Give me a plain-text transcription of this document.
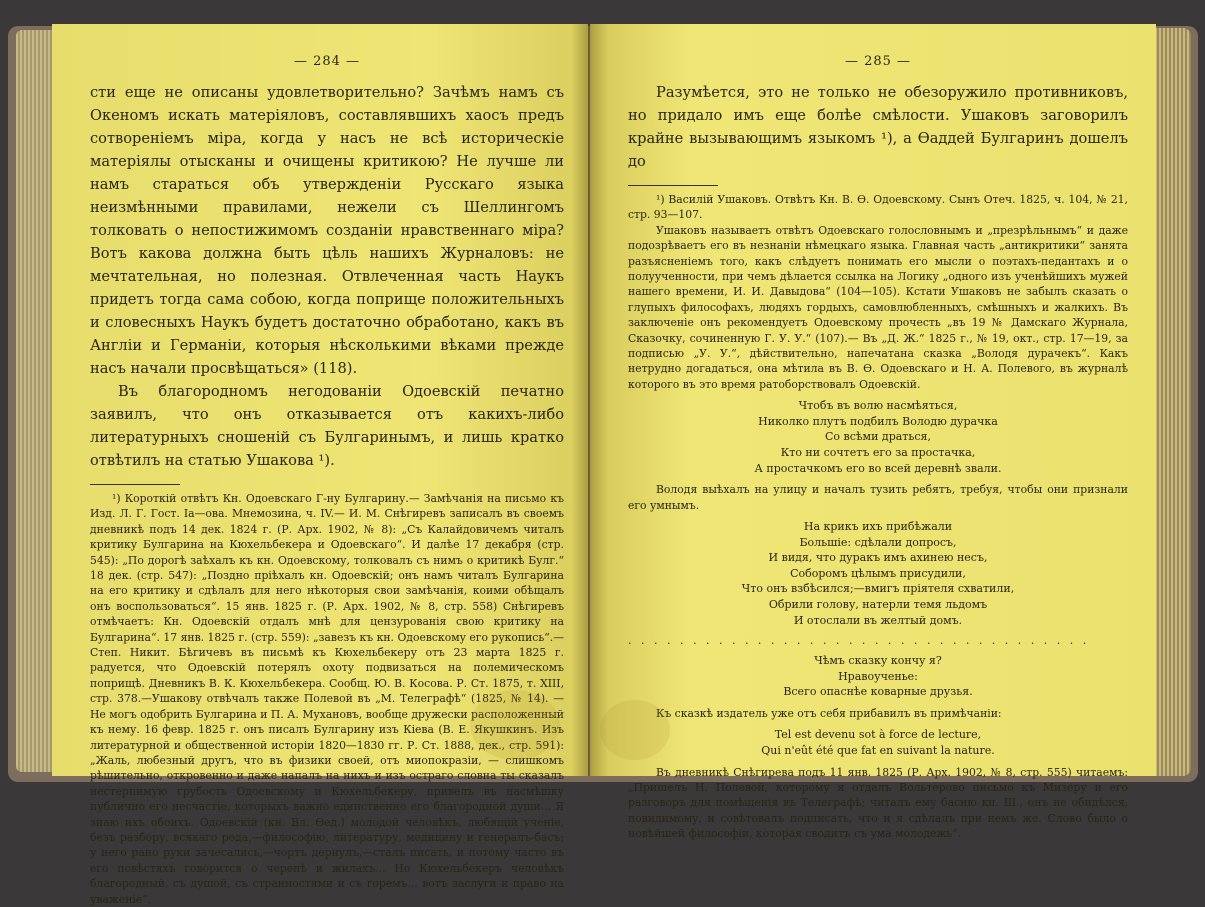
— 284 —

сти еще не описаны удовлетворительно? Зачѣмъ намъ съ Океномъ искать матеріяловъ, составлявшихъ хаосъ предъ сотвореніемъ міра, когда у насъ не всѣ историческіе матеріялы отысканы и очищены критикою? Не лучше ли намъ стараться объ утвержденіи Русскаго языка неизмѣнными правилами, нежели съ Шеллингомъ толковать о непостижимомъ созданіи нравственнаго міра? Вотъ какова должна быть цѣль нашихъ Журналовъ: не мечтательная, но полезная. Отвлеченная часть Наукъ придетъ тогда сама собою, когда поприще положительныхъ и словесныхъ Наукъ будетъ достаточно обработано, какъ въ Англіи и Германіи, которыя нѣсколькими вѣками прежде насъ начали просвѣщаться» (118).

Въ благородномъ негодованіи Одоевскій печатно заявилъ, что онъ отказывается отъ какихъ-либо литературныхъ сношеній съ Булгаринымъ, и лишь кратко отвѣтилъ на статью Ушакова ¹).

¹) Короткій отвѣтъ Кн. Одоевскаго Г-ну Булгарину.— Замѣчанія на письмо къ Изд. Л. Г. Гост. Іа—ова. Мнемозина, ч. IV.— И. М. Снѣгиревъ записалъ въ своемъ дневникѣ подъ 14 дек. 1824 г. (Р. Арх. 1902, № 8): „Съ Калайдовичемъ читалъ критику Булгарина на Кюхельбекера и Одоевскаго“. И далѣе 17 декабря (стр. 545): „По дорогѣ заѣхалъ къ кн. Одоевскому, толковалъ съ нимъ о критикѣ Булг.“ 18 дек. (стр. 547): „Поздно пріѣхалъ кн. Одоевскій; онъ намъ читалъ Булгарина на его критику и сдѣлалъ для него нѣкоторыя свои замѣчанія, коими обѣщалъ онъ воспользоваться“. 15 янв. 1825 г. (Р. Арх. 1902, № 8, стр. 558) Снѣгиревъ отмѣчаетъ: Кн. Одоевскій отдалъ мнѣ для цензурованія свою критику на Булгарина“. 17 янв. 1825 г. (стр. 559): „завезъ къ кн. Одоевскому его рукопись“.—Степ. Никит. Бѣгичевъ въ письмѣ къ Кюхельбекеру отъ 23 марта 1825 г. радуется, что Одоевскій потерялъ охоту подвизаться на полемическомъ поприщѣ. Дневникъ В. К. Кюхельбекера. Сообщ. Ю. В. Косова. Р. Ст. 1875, т. XIII, стр. 378.—Ушакову отвѣчалъ также Полевой въ „М. Телеграфѣ“ (1825, № 14). — Не могъ одобрить Булгарина и П. А. Мухановъ, вообще дружески расположенный къ нему. 16 февр. 1825 г. онъ писалъ Булгарину изъ Кіева (В. Е. Якушкинъ. Изъ литературной и общественной исторіи 1820—1830 гг. Р. Ст. 1888, дек., стр. 591): „Жаль, любезный другъ, что въ физики своей, отъ миопокразіи, — слишкомъ рѣшительно, откровенно и даже напалъ на нихъ и изъ остраго словна ты сказалъ нестерпимую грубость Одоевскому и Кюхельбекеру, привелъ въ насмѣшку публично его несчастіе, которыхъ важно единственно его благородной души... Я знаю ихъ обоихъ. Одоевскій (кн. Вл. Өед.) молодой человѣкъ, любящій ученіе, безъ разбору, всякаго рода,—философію, литературу, медицину и генералъ-басъ; у него рано руки зачесались,—чортъ дернулъ,—сталъ писать, и потому часто въ его повѣстяхъ говорится о черепѣ и жилахъ... Но Кюхельбекеръ человѣкъ благородный, съ душой, съ странностями и съ горемъ... вотъ заслуги и право на уваженіе“.

— 285 —

Разумѣется, это не только не обезоружило противниковъ, но придало имъ еще болѣе смѣлости. Ушаковъ заговорилъ крайне вызывающимъ языкомъ ¹), а Өаддей Булгаринъ дошелъ до

¹) Василій Ушаковъ. Отвѣтъ Кн. В. Ө. Одоевскому. Сынъ Отеч. 1825, ч. 104, № 21, стр. 93—107.

Ушаковъ называетъ отвѣтъ Одоевскаго голословнымъ и „презрѣльнымъ“ и даже подозрѣваетъ его въ незнаніи нѣмецкаго языка. Главная часть „антикритики“ занята разъясненіемъ того, какъ слѣдуетъ понимать его мысли о поэтахъ-педантахъ и о полуученности, при чемъ дѣлается ссылка на Логику „одного изъ ученѣйшихъ мужей нашего времени, И. И. Давыдова“ (104—105). Кстати Ушаковъ не забылъ сказать о глупыхъ философахъ, людяхъ гордыхъ, самовлюбленныхъ, смѣшныхъ и жалкихъ. Въ заключеніе онъ рекомендуетъ Одоевскому прочесть „въ 19 № Дамскаго Журнала, Сказочку, сочиненную Г. У. У.“ (107).— Въ „Д. Ж.“ 1825 г., № 19, окт., стр. 17—19, за подписью „У. У.“, дѣйствительно, напечатана сказка „Володя дурачекъ“. Какъ нетрудно догадаться, она мѣтила въ В. Ө. Одоевскаго и Н. А. Полевого, въ журналѣ которого въ это время ратоборствовалъ Одоевскій.

Чтобъ въ волю насмѣяться,
Николко плутъ подбилъ Володю дурачка
Со всѣми драться,
Кто ни сочтетъ его за простачка,
А простачкомъ его во всей деревнѣ звали.

Володя выѣхалъ на улицу и началъ тузить ребятъ, требуя, чтобы они признали его умнымъ.

На крикъ ихъ прибѣжали
Большіе: сдѣлали допросъ,
И видя, что дуракъ имъ ахинею несъ,
Соборомъ цѣлымъ присудили,
Что онъ взбѣсился;—вмигъ пріятеля схватили,
Обрили голову, натерли темя льдомъ
И отослали въ желтый домъ.
. . . . . . . . . . . . . . . . . . . . . . . . . . . . . . . . . . . .
Чѣмъ сказку кончу я?
Нравоученье:
Всего опаснѣе коварные друзья.

Къ сказкѣ издатель уже отъ себя прибавилъ въ примѣчаніи:

Tel est devenu sot à force de lecture,
Qui n'eût été que fat en suivant la nature.

Въ дневникѣ Снѣгирева подъ 11 янв. 1825 (Р. Арх. 1902, № 8, стр. 555) читаемъ: „Пришелъ Н. Полевой, которому я отдалъ Вольтерово письмо къ Мизеру и его разговоръ для помѣщенія въ Телеграфѣ; читалъ ему басню кн. Ш., онъ не обидѣлся, повидимому, и совѣтовалъ подписать, что и я сдѣлалъ при немъ же. Слово было о новѣйшей философіи, которая сводитъ съ ума молодежь“.
